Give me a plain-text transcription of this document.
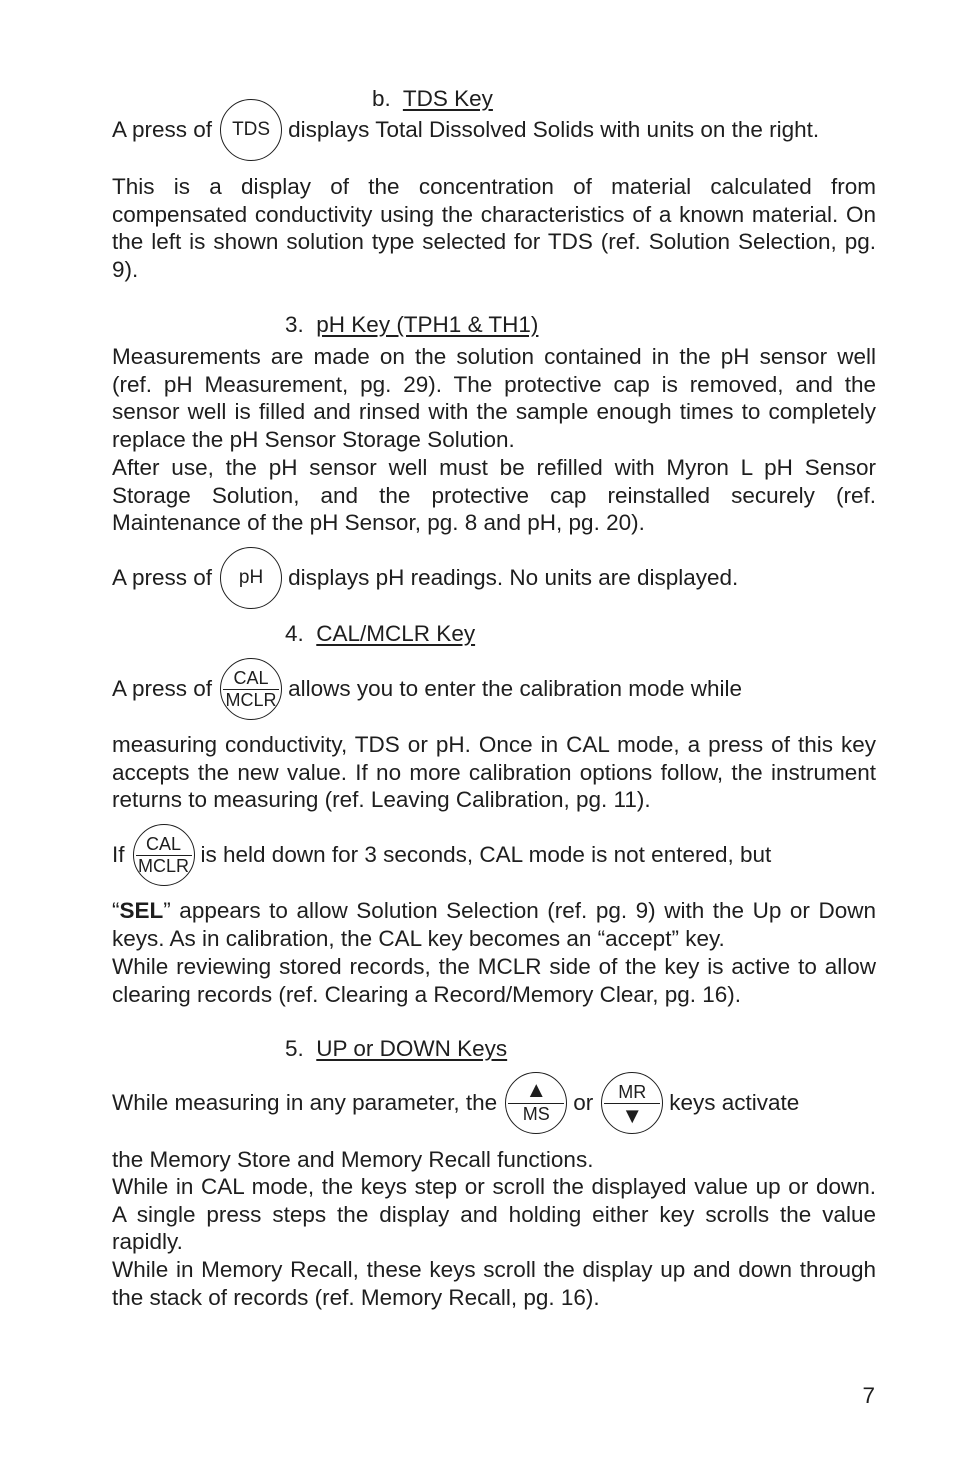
b. TDS Key
A press of	TDS displays Total Dissolved Solids with units on the right.

This is a display of the concentration of material calculated from compensated conductivity using the characteristics of a known material. On the left is shown solution type selected for TDS (ref. Solution Selection, pg. 9).

3. pH Key (TPH1 & TH1)

Measurements are made on the solution contained in the pH sensor well (ref. pH Measurement, pg. 29). The protective cap is removed, and the sensor well is filled and rinsed with the sample enough times to completely replace the pH Sensor Storage Solution.

After use, the pH sensor well must be refilled with Myron L pH Sensor Storage Solution, and the protective cap reinstalled securely (ref. Maintenance of the pH Sensor, pg. 8 and pH, pg. 20).

A press of	pH	displays pH readings. No units are displayed.
4. CAL/MCLR Key
A press of	CAL
MCLR allows you to enter the calibration mode while

measuring conductivity, TDS or pH. Once in CAL mode, a press of this key accepts the new value. If no more calibration options follow, the instrument returns to measuring (ref. Leaving Calibration, pg. 11).

If	CAL
MCLR is held down for 3 seconds, CAL mode is not entered, but

“SEL” appears to allow Solution Selection (ref. pg. 9) with the Up or Down keys. As in calibration, the CAL key becomes an “accept” key.

While reviewing stored records, the MCLR side of the key is active to allow clearing records (ref. Clearing a Record/Memory Clear, pg. 16).

5. UP or DOWN Keys
While measuring in any parameter, the
▲
MS	or	MR
▼
keys activate

the Memory Store and Memory Recall functions.

While in CAL mode, the keys step or scroll the displayed value up or down. A single press steps the display and holding either key scrolls the value rapidly.

While in Memory Recall, these keys scroll the display up and down through the stack of records (ref. Memory Recall, pg. 16).

7
